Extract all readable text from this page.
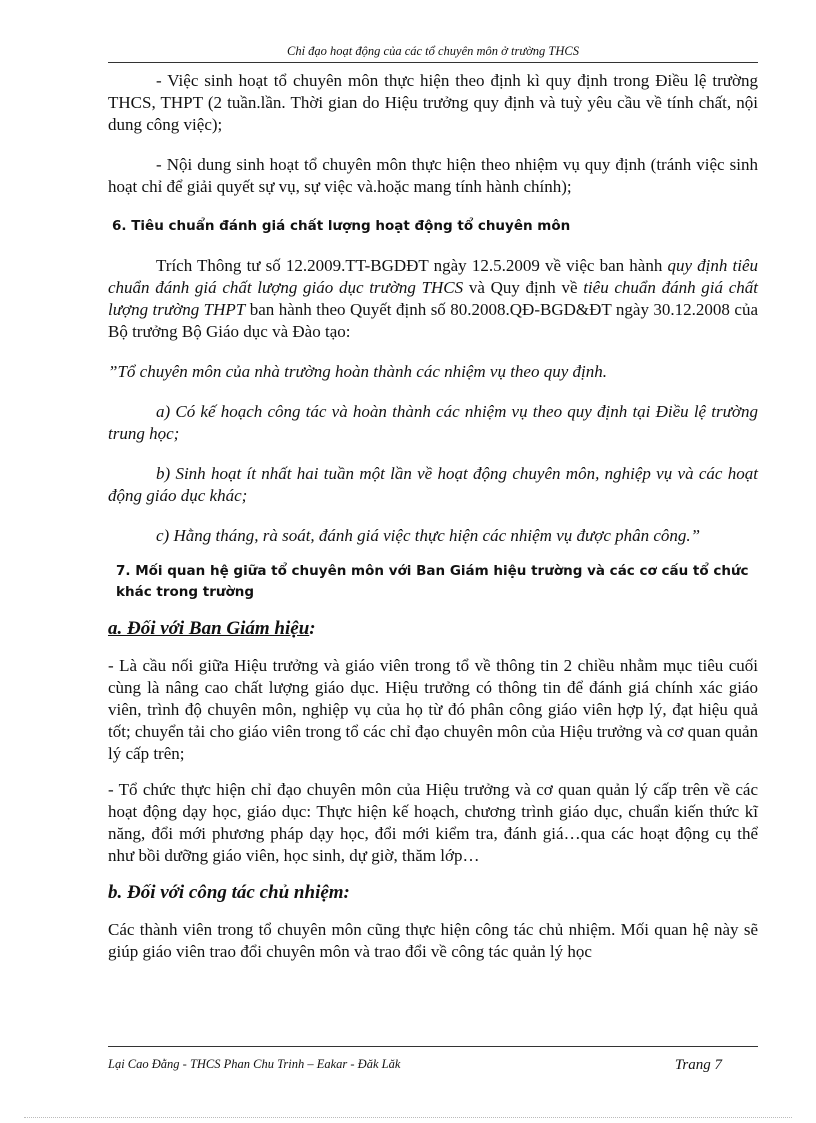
Chỉ đạo hoạt động của các tổ chuyên môn ở trường THCS

- Việc sinh hoạt tổ chuyên môn thực hiện theo định kì quy định trong Điều lệ trường THCS, THPT (2 tuần.lần. Thời gian do Hiệu trưởng quy định và tuỳ yêu cầu về tính chất, nội dung công việc);

- Nội dung sinh hoạt tổ chuyên môn thực hiện theo nhiệm vụ quy định (tránh việc sinh hoạt chỉ để giải quyết sự vụ, sự việc và.hoặc mang tính hành chính);

6. Tiêu chuẩn đánh giá chất lượng hoạt động tổ chuyên môn

Trích Thông tư số 12.2009.TT-BGDĐT ngày 12.5.2009 về việc ban hành quy định tiêu chuẩn đánh giá chất lượng giáo dục trường THCS và Quy định về tiêu chuẩn đánh giá chất lượng trường THPT ban hành theo Quyết định số 80.2008.QĐ-BGD&ĐT ngày 30.12.2008 của Bộ trưởng Bộ Giáo dục và Đào tạo:

”Tổ chuyên môn của nhà trường hoàn thành các nhiệm vụ theo quy định.

a) Có kế hoạch công tác và hoàn thành các nhiệm vụ theo quy định tại Điều lệ trường trung học;

b) Sinh hoạt ít nhất hai tuần một lần về hoạt động chuyên môn, nghiệp vụ và các hoạt động giáo dục khác;

c) Hằng tháng, rà soát, đánh giá việc thực hiện các nhiệm vụ được phân công.”

7. Mối quan hệ giữa tổ chuyên môn với Ban Giám hiệu trường và các cơ cấu tổ chức khác trong trường
a. Đối với Ban Giám hiệu:

- Là cầu nối giữa Hiệu trưởng và giáo viên trong tổ về thông tin 2 chiều nhằm mục tiêu cuối cùng là nâng cao chất lượng giáo dục. Hiệu trưởng có thông tin để đánh giá chính xác giáo viên, trình độ chuyên môn, nghiệp vụ của họ từ đó phân công giáo viên hợp lý, đạt hiệu quả tốt; chuyển tải cho giáo viên trong tổ các chỉ đạo chuyên môn của Hiệu trưởng và cơ quan quản lý cấp trên;

- Tổ chức thực hiện chỉ đạo chuyên môn của Hiệu trưởng và cơ quan quản lý cấp trên về các hoạt động dạy học, giáo dục: Thực hiện kế hoạch, chương trình giáo dục, chuẩn kiến thức kĩ năng, đổi mới phương pháp dạy học, đổi mới kiểm tra, đánh giá…qua các hoạt động cụ thể như bồi dưỡng giáo viên, học sinh, dự giờ, thăm lớp…

b. Đối với công tác chủ nhiệm:

Các thành viên trong tổ chuyên môn cũng thực hiện công tác chủ nhiệm. Mối quan hệ này sẽ giúp giáo viên trao đổi chuyên môn và trao đổi về công tác quản lý học

Lại Cao Đằng - THCS Phan Chu Trinh – Eakar - Đăk Lăk	Trang 7
